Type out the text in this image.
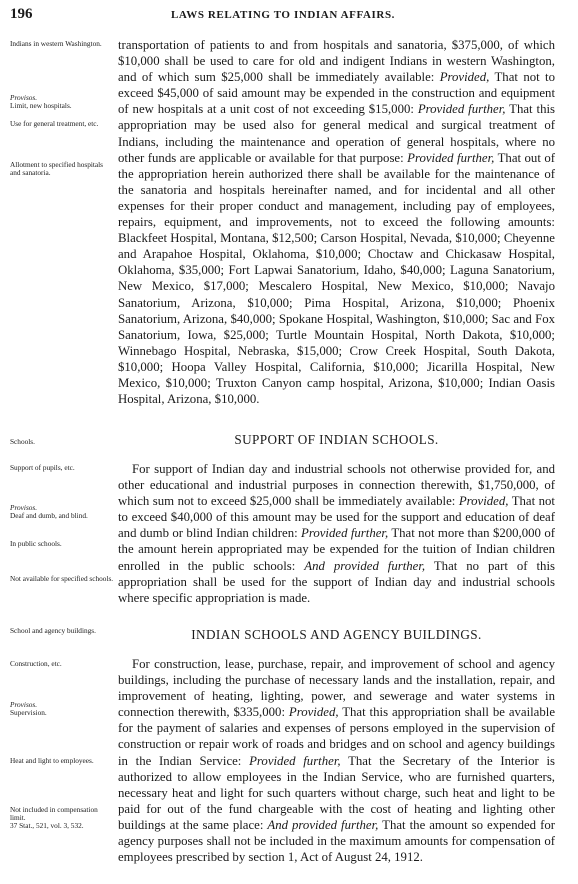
196	LAWS RELATING TO INDIAN AFFAIRS.
Indians in western Washington.
Provisos.
Limit, new hospitals.
Use for general treatment, etc.
Allotment to specified hospitals and sanatoria.

transportation of patients to and from hospitals and sanatoria, $375,000, of which $10,000 shall be used to care for old and indigent Indians in western Washington, and of which sum $25,000 shall be immediately available: Provided, That not to exceed $45,000 of said amount may be expended in the construction and equipment of new hospitals at a unit cost of not exceeding $15,000: Provided further, That this appropriation may be used also for general medical and surgical treatment of Indians, including the maintenance and operation of general hospitals, where no other funds are applicable or available for that purpose: Provided further, That out of the appropriation herein authorized there shall be available for the maintenance of the sanatoria and hospitals hereinafter named, and for incidental and all other expenses for their proper conduct and management, including pay of employees, repairs, equipment, and improvements, not to exceed the following amounts: Blackfeet Hospital, Montana, $12,500; Carson Hospital, Nevada, $10,000; Cheyenne and Arapahoe Hospital, Oklahoma, $10,000; Choctaw and Chickasaw Hospital, Oklahoma, $35,000; Fort Lapwai Sanatorium, Idaho, $40,000; Laguna Sanatorium, New Mexico, $17,000; Mescalero Hospital, New Mexico, $10,000; Navajo Sanatorium, Arizona, $10,000; Pima Hospital, Arizona, $10,000; Phoenix Sanatorium, Arizona, $40,000; Spokane Hospital, Washington, $10,000; Sac and Fox Sanatorium, Iowa, $25,000; Turtle Mountain Hospital, North Dakota, $10,000; Winnebago Hospital, Nebraska, $15,000; Crow Creek Hospital, South Dakota, $10,000; Hoopa Valley Hospital, California, $10,000; Jicarilla Hospital, New Mexico, $10,000; Truxton Canyon camp hospital, Arizona, $10,000; Indian Oasis Hospital, Arizona, $10,000.

Schools.	SUPPORT OF INDIAN SCHOOLS.
Support of pupils, etc.
Provisos.
Deaf and dumb, and blind.
In public schools.
Not available for specified schools.

For support of Indian day and industrial schools not otherwise provided for, and other educational and industrial purposes in connection therewith, $1,750,000, of which sum not to exceed $25,000 shall be immediately available: Provided, That not to exceed $40,000 of this amount may be used for the support and education of deaf and dumb or blind Indian children: Provided further, That not more than $200,000 of the amount herein appropriated may be expended for the tuition of Indian children enrolled in the public schools: And provided further, That no part of this appropriation shall be used for the support of Indian day and industrial schools where specific appropriation is made.

School and agency buildings.	INDIAN SCHOOLS AND AGENCY BUILDINGS.
Construction, etc.
Provisos.
Supervision.
Heat and light to employees.
Not included in compensation limit.
37 Stat., 521, vol. 3, 532.

For construction, lease, purchase, repair, and improvement of school and agency buildings, including the purchase of necessary lands and the installation, repair, and improvement of heating, lighting, power, and sewerage and water systems in connection therewith, $335,000: Provided, That this appropriation shall be available for the payment of salaries and expenses of persons employed in the supervision of construction or repair work of roads and bridges and on school and agency buildings in the Indian Service: Provided further, That the Secretary of the Interior is authorized to allow employees in the Indian Service, who are furnished quarters, necessary heat and light for such quarters without charge, such heat and light to be paid for out of the fund chargeable with the cost of heating and lighting other buildings at the same place: And provided further, That the amount so expended for agency purposes shall not be included in the maximum amounts for compensation of employees prescribed by section 1, Act of August 24, 1912.
